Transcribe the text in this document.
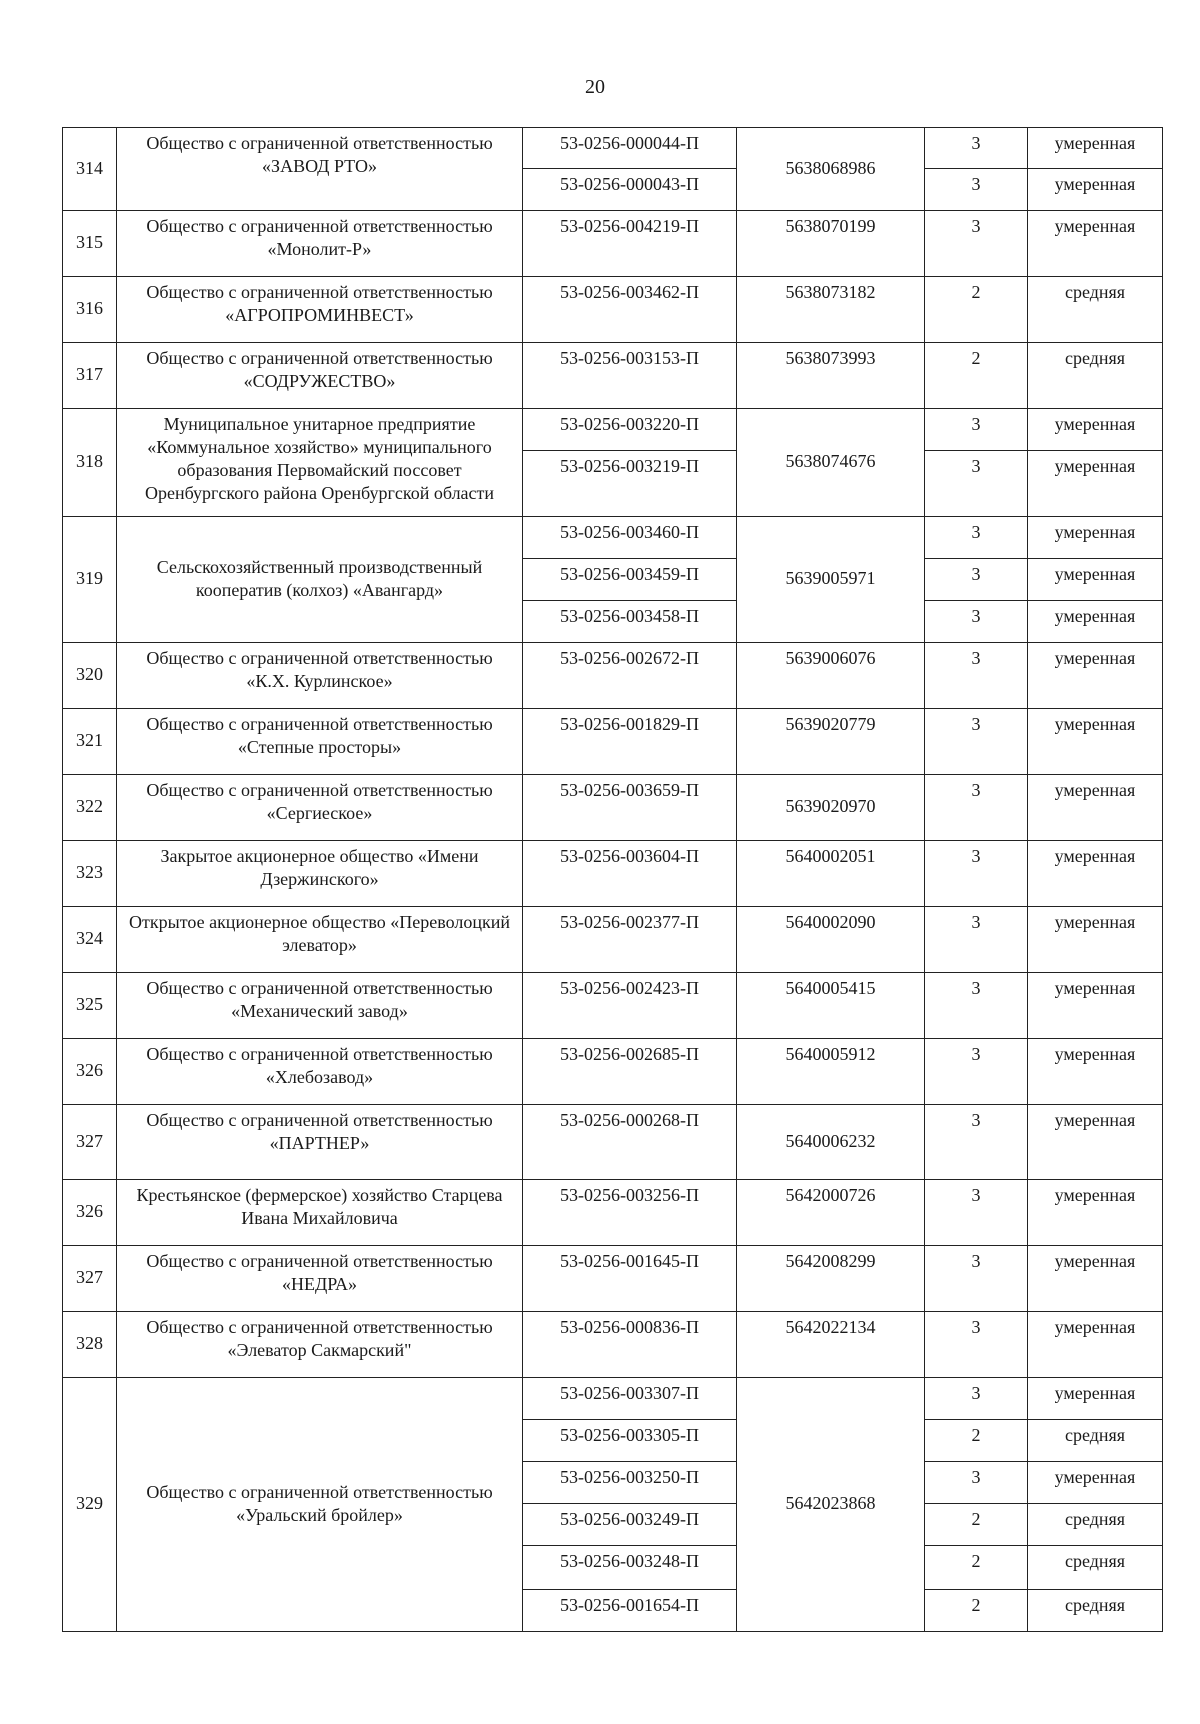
20
314	Общество с ограниченной ответственностью «ЗАВОД РТО»	53-0256-000044-П	5638068986	3	умеренная
		53-0256-000043-П		3	умеренная
315	Общество с ограниченной ответственностью «Монолит-Р»	53-0256-004219-П	5638070199	3	умеренная
316	Общество с ограниченной ответственностью «АГРОПРОМИНВЕСТ»	53-0256-003462-П	5638073182	2	средняя
317	Общество с ограниченной ответственностью «СОДРУЖЕСТВО»	53-0256-003153-П	5638073993	2	средняя
318	Муниципальное унитарное предприятие «Коммунальное хозяйство» муниципального образования Первомайский поссовет Оренбургского района Оренбургской области	53-0256-003220-П	5638074676	3	умеренная
		53-0256-003219-П		3	умеренная
319	Сельскохозяйственный производственный кооператив (колхоз) «Авангард»	53-0256-003460-П	5639005971	3	умеренная
		53-0256-003459-П		3	умеренная
		53-0256-003458-П		3	умеренная
320	Общество с ограниченной ответственностью «К.Х. Курлинское»	53-0256-002672-П	5639006076	3	умеренная
321	Общество с ограниченной ответственностью «Степные просторы»	53-0256-001829-П	5639020779	3	умеренная
322	Общество с ограниченной ответственностью «Сергиеское»	53-0256-003659-П	5639020970	3	умеренная
323	Закрытое акционерное общество «Имени Дзержинского»	53-0256-003604-П	5640002051	3	умеренная
324	Открытое акционерное общество «Переволоцкий элеватор»	53-0256-002377-П	5640002090	3	умеренная
325	Общество с ограниченной ответственностью «Механический завод»	53-0256-002423-П	5640005415	3	умеренная
326	Общество с ограниченной ответственностью «Хлебозавод»	53-0256-002685-П	5640005912	3	умеренная
327	Общество с ограниченной ответственностью «ПАРТНЕР»	53-0256-000268-П	5640006232	3	умеренная
326	Крестьянское (фермерское) хозяйство Старцева Ивана Михайловича	53-0256-003256-П	5642000726	3	умеренная
327	Общество с ограниченной ответственностью «НЕДРА»	53-0256-001645-П	5642008299	3	умеренная
328	Общество с ограниченной ответственностью «Элеватор Сакмарский"	53-0256-000836-П	5642022134	3	умеренная
329	Общество с ограниченной ответственностью «Уральский бройлер»	53-0256-003307-П	5642023868	3	умеренная
		53-0256-003305-П		2	средняя
		53-0256-003250-П		3	умеренная
		53-0256-003249-П		2	средняя
		53-0256-003248-П		2	средняя
		53-0256-001654-П		2	средняя
